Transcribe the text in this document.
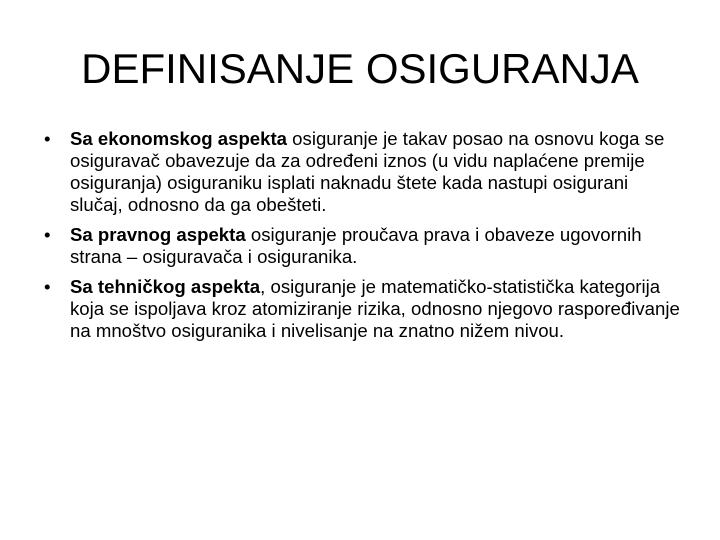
DEFINISANJE OSIGURANJA
•	Sa ekonomskog aspekta osiguranje je takav posao na osnovu koga se osiguravač obavezuje da za određeni iznos (u vidu naplaćene premije osiguranja) osiguraniku isplati naknadu štete kada nastupi osigurani slučaj, odnosno da ga obešteti.
•	Sa pravnog aspekta osiguranje proučava prava i obaveze ugovornih strana – osiguravača i osiguranika.
•	Sa tehničkog aspekta, osiguranje je matematičko-statistička kategorija koja se ispoljava kroz atomiziranje rizika, odnosno njegovo raspoređivanje na mnoštvo osiguranika i nivelisanje na znatno nižem nivou.
